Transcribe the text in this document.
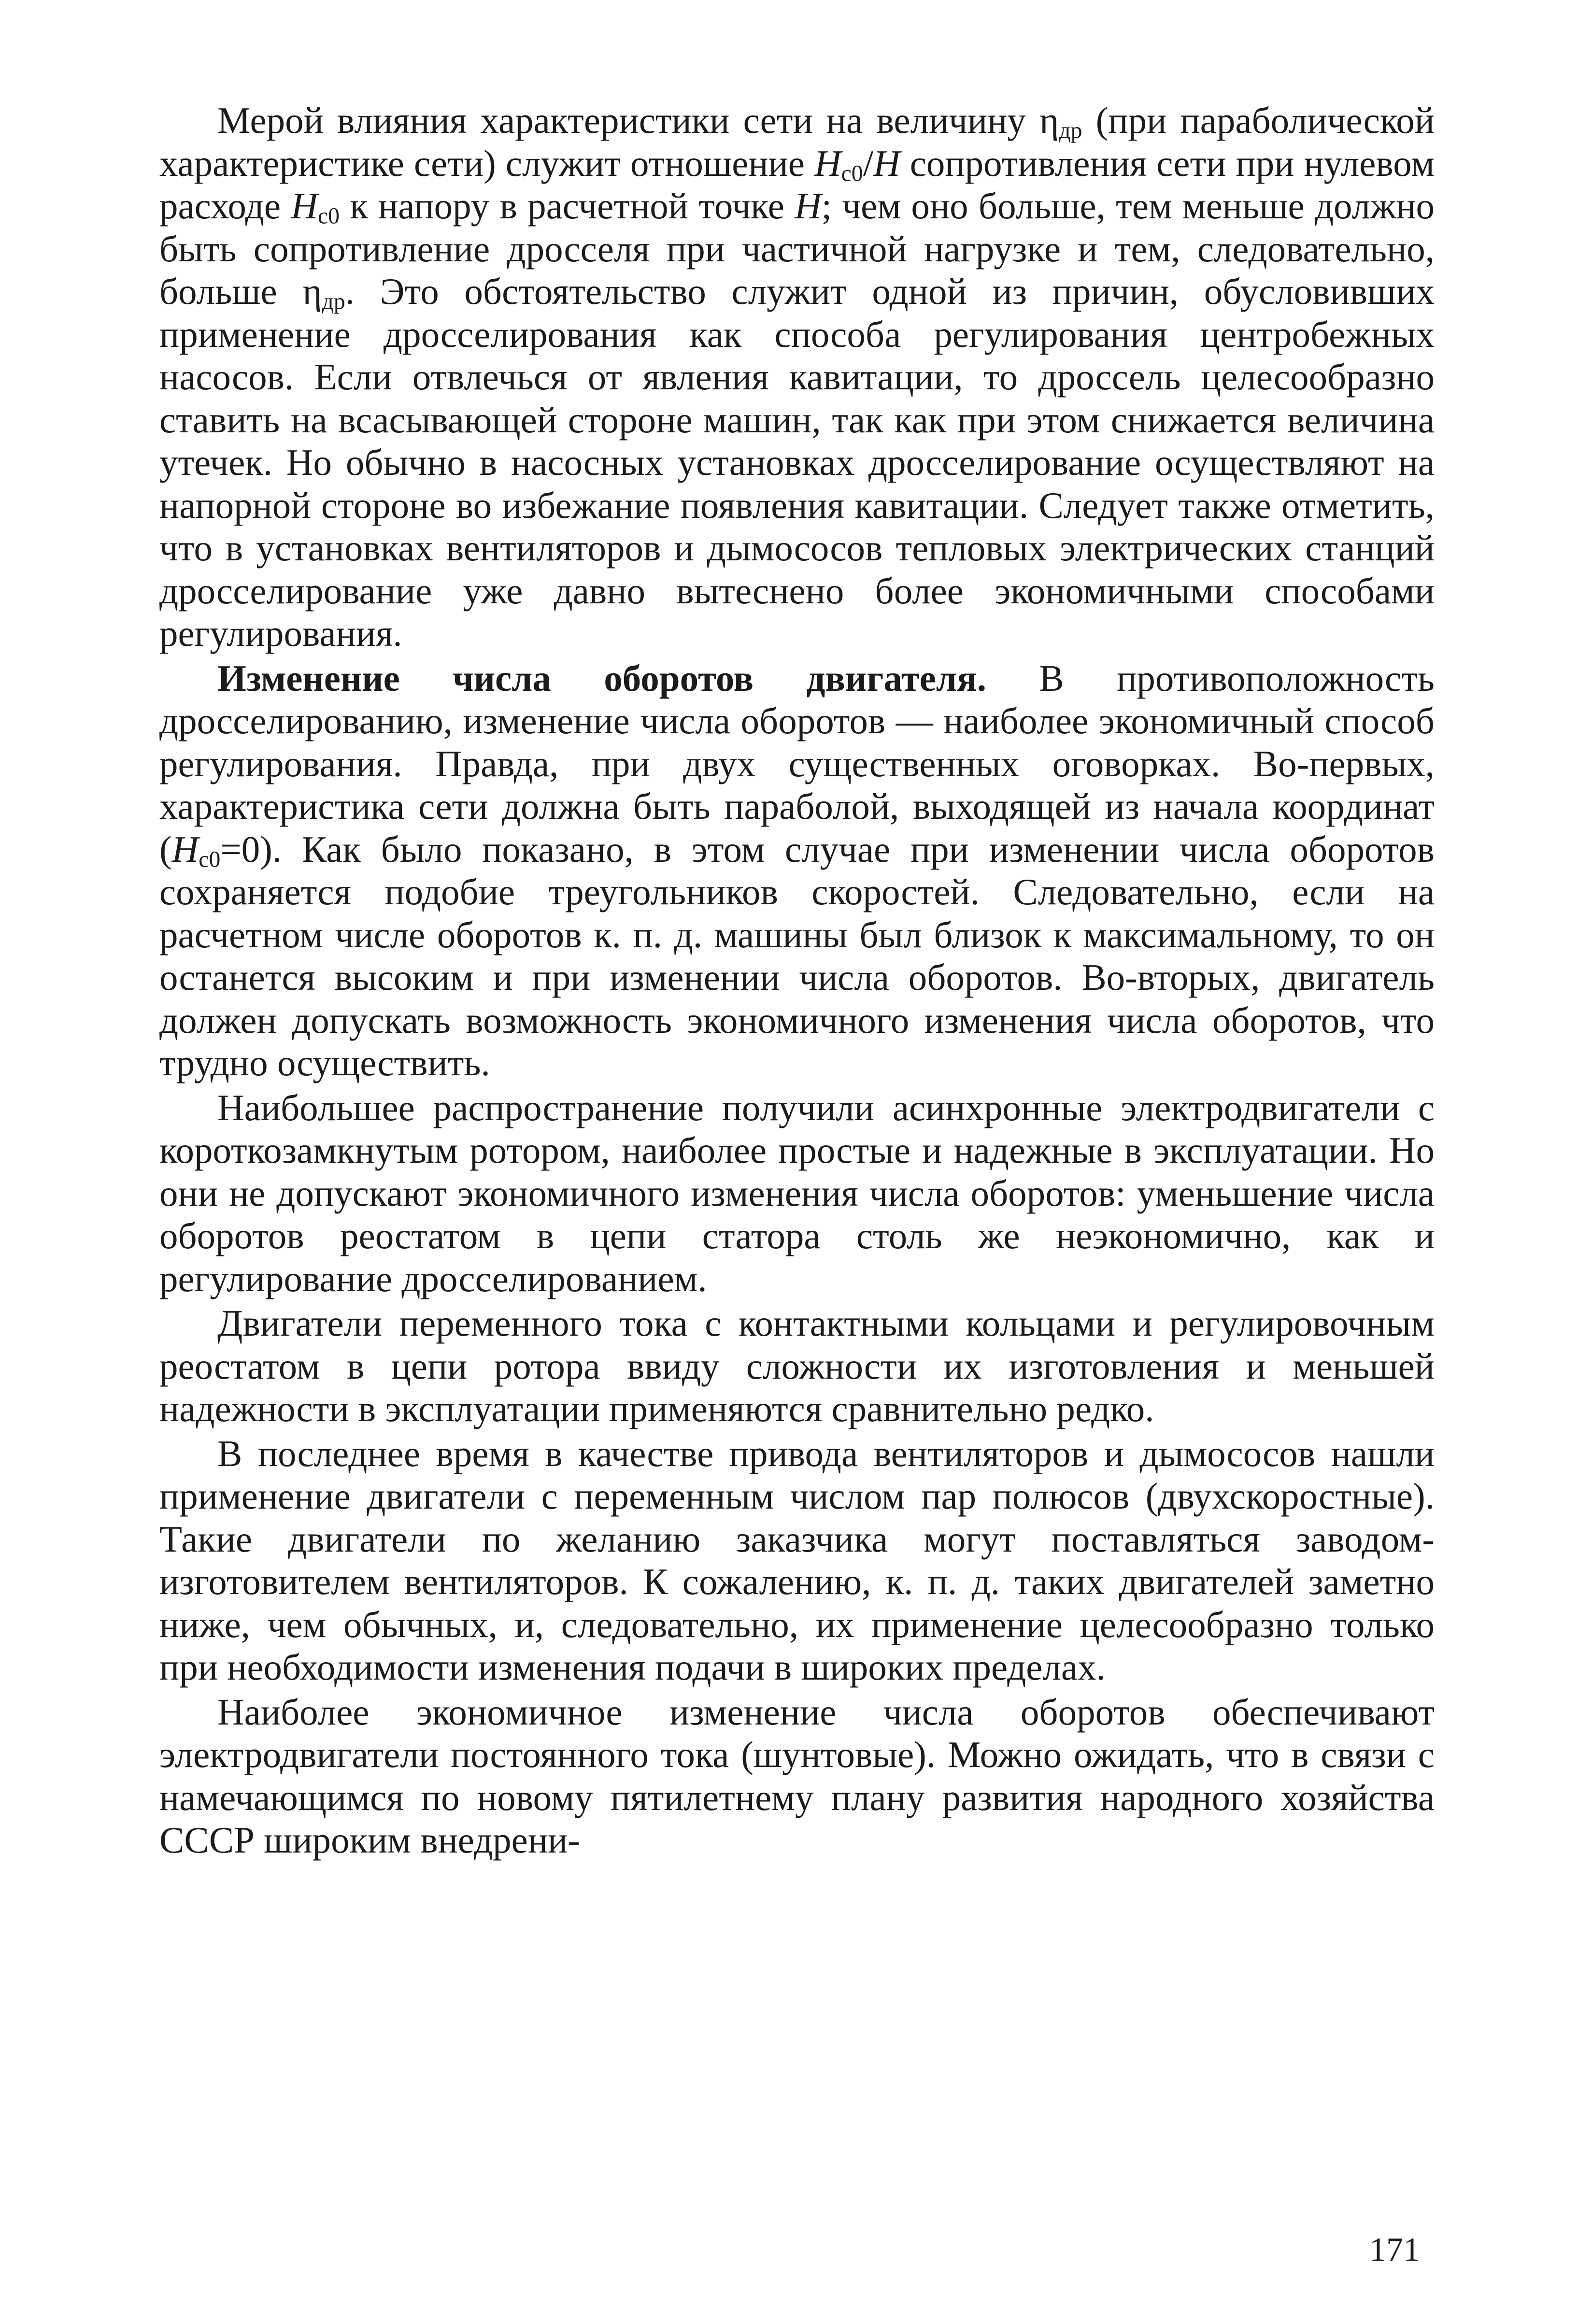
Мерой влияния характеристики сети на величину $\eta_{др}$ (при параболической характеристике сети) служит отношение $H_{c0}/H$ сопротивления сети при нулевом расходе $H_{c0}$ к напору в расчетной точке H; чем оно больше, тем меньше должно быть сопротивление дросселя при частичной нагрузке и тем, следовательно, больше $\eta_{др}$. Это обстоятельство служит одной из причин, обусловивших применение дросселирования как способа регулирования центробежных насосов. Если отвлечься от явления кавитации, то дроссель целесообразно ставить на всасывающей стороне машин, так как при этом снижается величина утечек. Но обычно в насосных установках дросселирование осуществляют на напорной стороне во избежание появления кавитации. Следует также отметить, что в установках вентиляторов и дымососов тепловых электрических станций дросселирование уже давно вытеснено более экономичными способами регулирования.

Изменение числа оборотов двигателя. В противоположность дросселированию, изменение числа оборотов — наиболее экономичный способ регулирования. Правда, при двух существенных оговорках. Во-первых, характеристика сети должна быть параболой, выходящей из начала координат $(H_{c0}=0)$. Как было показано, в этом случае при изменении числа оборотов сохраняется подобие треугольников скоростей. Следовательно, если на расчетном числе оборотов к. п. д. машины был близок к максимальному, то он останется высоким и при изменении числа оборотов. Во-вторых, двигатель должен допускать возможность экономичного изменения числа оборотов, что трудно осуществить.

Наибольшее распространение получили асинхронные электродвигатели с короткозамкнутым ротором, наиболее простые и надежные в эксплуатации. Но они не допускают экономичного изменения числа оборотов: уменьшение числа оборотов реостатом в цепи статора столь же неэкономично, как и регулирование дросселированием.

Двигатели переменного тока с контактными кольцами и регулировочным реостатом в цепи ротора ввиду сложности их изготовления и меньшей надежности в эксплуатации применяются сравнительно редко.

В последнее время в качестве привода вентиляторов и дымососов нашли применение двигатели с переменным числом пар полюсов (двухскоростные). Такие двигатели по желанию заказчика могут поставляться заводом-изготовителем вентиляторов. К сожалению, к. п. д. таких двигателей заметно ниже, чем обычных, и, следовательно, их применение целесообразно только при необходимости изменения подачи в широких пределах.

Наиболее экономичное изменение числа оборотов обеспечивают электродвигатели постоянного тока (шунтовые). Можно ожидать, что в связи с намечающимся по новому пятилетнему плану развития народного хозяйства СССР широким внедрени-

171
